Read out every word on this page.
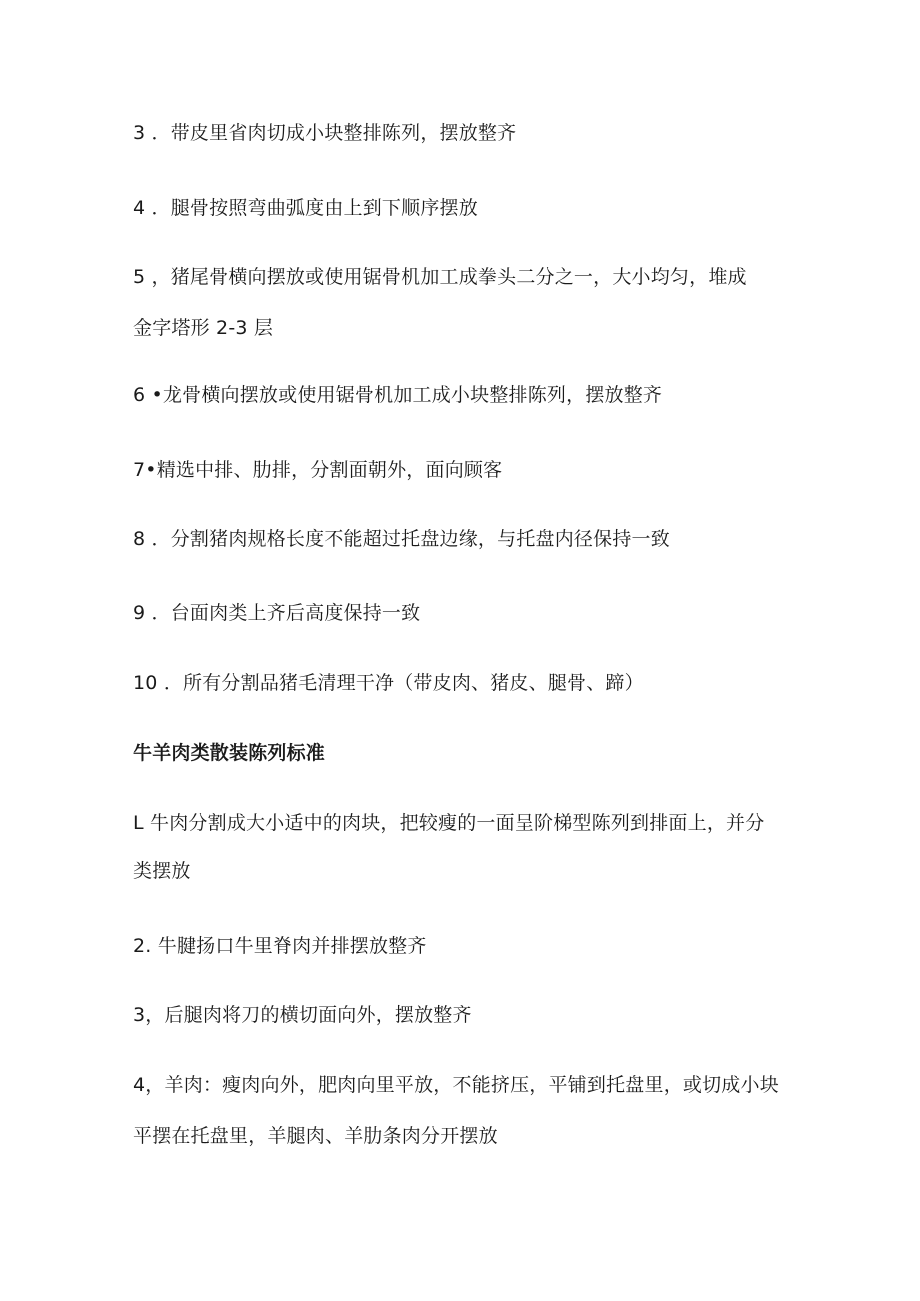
3 ．带皮里省肉切成小块整排陈列，摆放整齐
4 ．腿骨按照弯曲弧度由上到下顺序摆放
5 ，猪尾骨横向摆放或使用锯骨机加工成拳头二分之一，大小均匀，堆成
金字塔形 2-3 层
6 •龙骨横向摆放或使用锯骨机加工成小块整排陈列，摆放整齐
7•精选中排、肋排，分割面朝外，面向顾客
8 ．分割猪肉规格长度不能超过托盘边缘，与托盘内径保持一致
9 ．台面肉类上齐后高度保持一致
10 ．所有分割品猪毛清理干净（带皮肉、猪皮、腿骨、蹄）
牛羊肉类散装陈列标准
L 牛肉分割成大小适中的肉块，把较瘦的一面呈阶梯型陈列到排面上，并分
类摆放
2. 牛腱扬口牛里脊肉并排摆放整齐
3，后腿肉将刀的横切面向外，摆放整齐
4，羊肉：瘦肉向外，肥肉向里平放，不能挤压，平铺到托盘里，或切成小块
平摆在托盘里，羊腿肉、羊肋条肉分开摆放
